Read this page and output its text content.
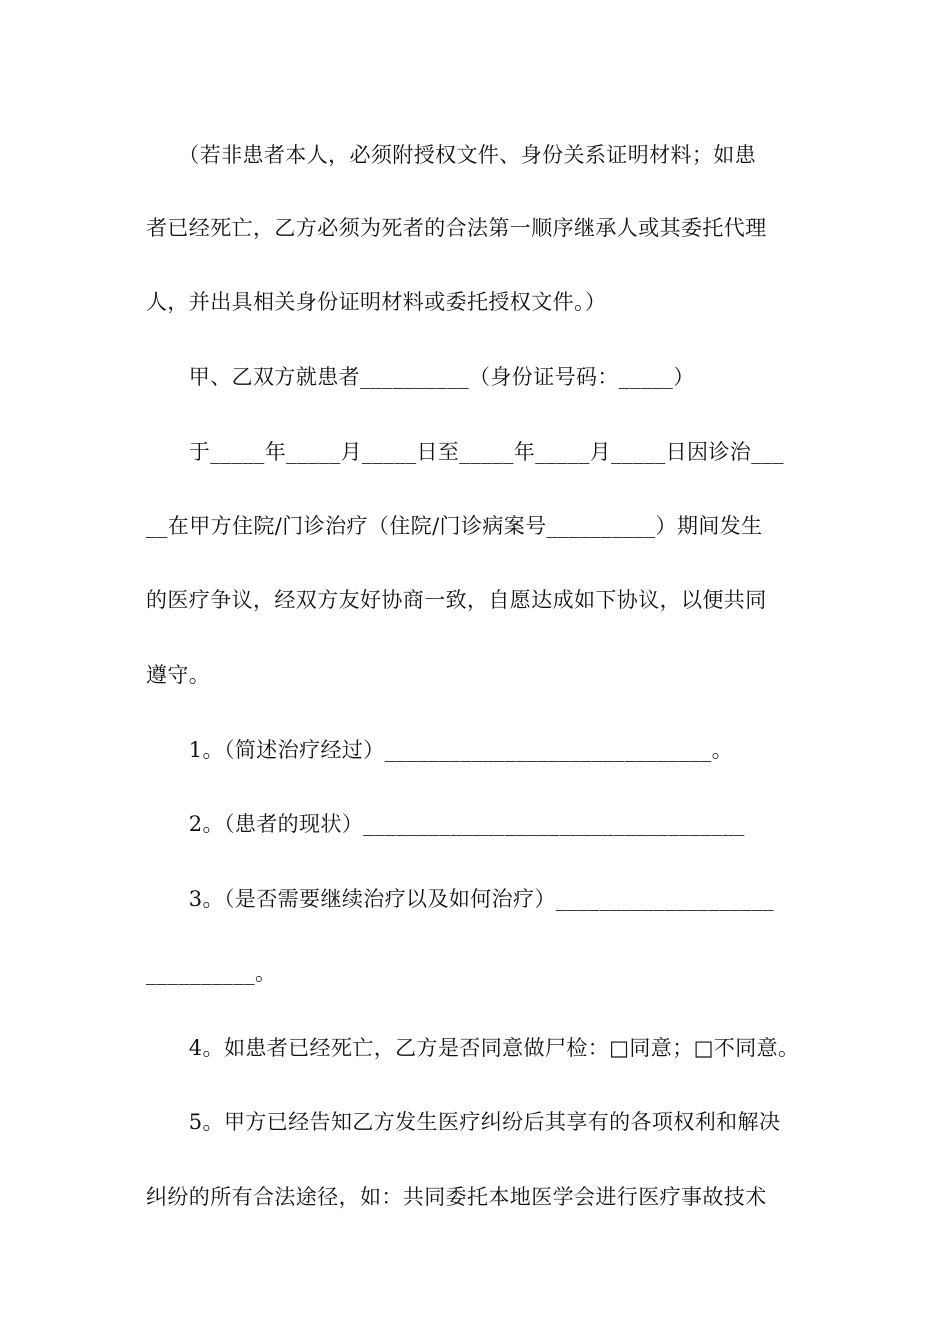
　　（若非患者本人，必须附授权文件、身份关系证明材料；如患

者已经死亡，乙方必须为死者的合法第一顺序继承人或其委托代理

人，并出具相关身份证明材料或委托授权文件。）

　　甲、乙双方就患者__________（身份证号码：_____）

　　于_____年_____月_____日至_____年_____月_____日因诊治___

__在甲方住院/门诊治疗（住院/门诊病案号__________）期间发生

的医疗争议，经双方友好协商一致，自愿达成如下协议，以便共同

遵守。

　　1。（简述治疗经过）______________________________。

　　2。（患者的现状）___________________________________

　　3。（是否需要继续治疗以及如何治疗）____________________

__________。

　　4。如患者已经死亡，乙方是否同意做尸检：□同意；□不同意。

　　5。甲方已经告知乙方发生医疗纠纷后其享有的各项权利和解决

纠纷的所有合法途径，如：共同委托本地医学会进行医疗事故技术
